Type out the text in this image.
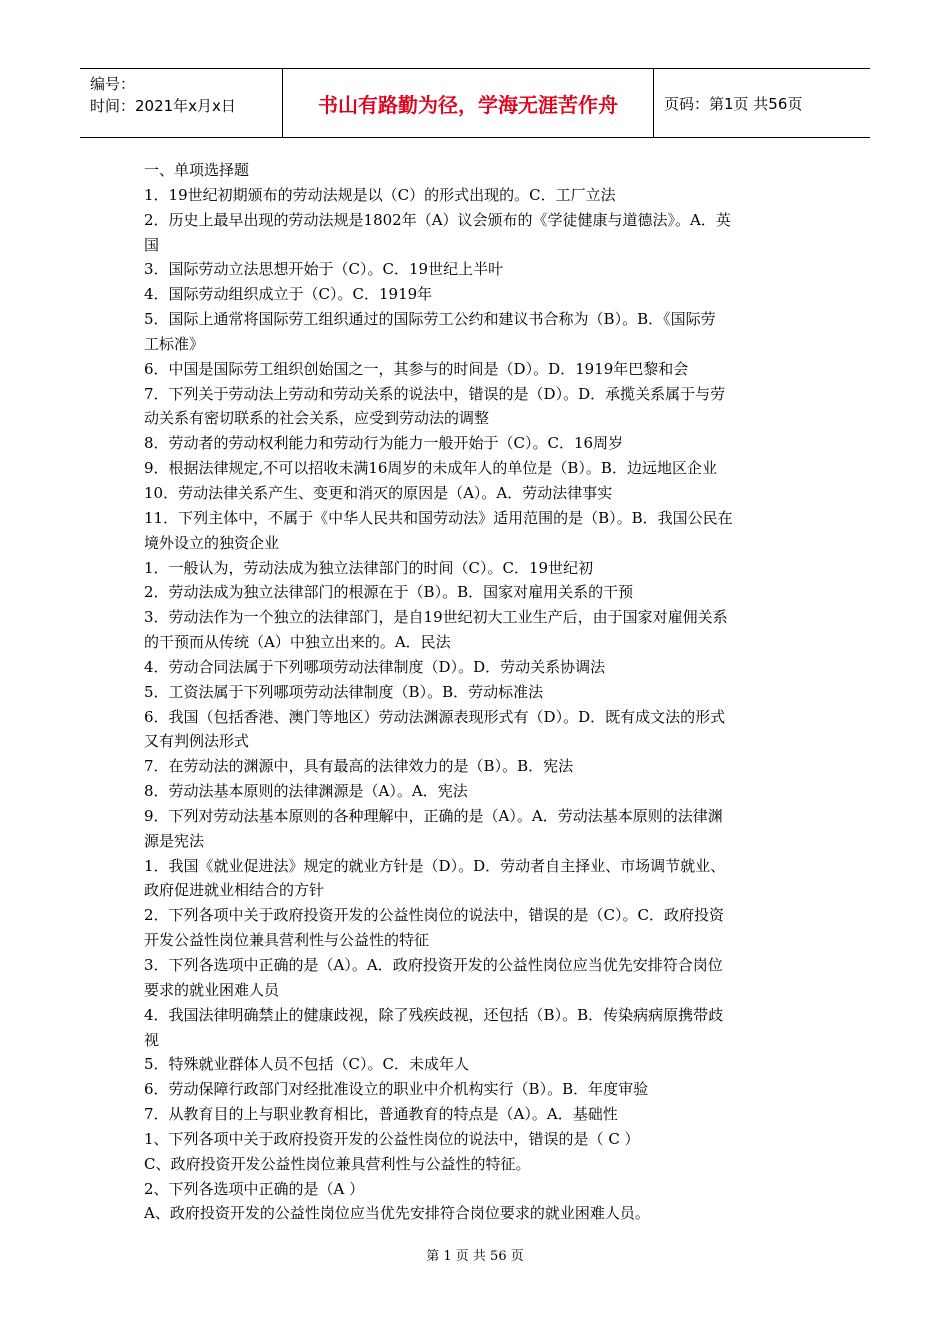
编号：
时间：2021年x月x日	书山有路勤为径，学海无涯苦作舟	页码：第1页 共56页
一、单项选择题
1．19世纪初期颁布的劳动法规是以（C）的形式出现的。C．工厂立法
2．历史上最早出现的劳动法规是1802年（A）议会颁布的《学徒健康与道德法》。A．英
国
3．国际劳动立法思想开始于（C）。C．19世纪上半叶
4．国际劳动组织成立于（C）。C．1919年
5．国际上通常将国际劳工组织通过的国际劳工公约和建议书合称为（B）。B．《国际劳
工标准》
6．中国是国际劳工组织创始国之一，其参与的时间是（D）。D．1919年巴黎和会
7．下列关于劳动法上劳动和劳动关系的说法中，错误的是（D）。D．承揽关系属于与劳
动关系有密切联系的社会关系，应受到劳动法的调整
8．劳动者的劳动权利能力和劳动行为能力一般开始于（C）。C．16周岁
9．根据法律规定,不可以招收未满16周岁的未成年人的单位是（B）。B．边远地区企业
10．劳动法律关系产生、变更和消灭的原因是（A）。A．劳动法律事实
11．下列主体中，不属于《中华人民共和国劳动法》适用范围的是（B）。B．我国公民在
境外设立的独资企业
1．一般认为，劳动法成为独立法律部门的时间（C）。C．19世纪初
2．劳动法成为独立法律部门的根源在于（B）。B．国家对雇用关系的干预
3．劳动法作为一个独立的法律部门，是自19世纪初大工业生产后，由于国家对雇佣关系
的干预而从传统（A）中独立出来的。A．民法
4．劳动合同法属于下列哪项劳动法律制度（D）。D．劳动关系协调法
5．工资法属于下列哪项劳动法律制度（B）。B．劳动标准法
6．我国（包括香港、澳门等地区）劳动法渊源表现形式有（D）。D．既有成文法的形式
又有判例法形式
7．在劳动法的渊源中，具有最高的法律效力的是（B）。B．宪法
8．劳动法基本原则的法律渊源是（A）。A．宪法
9．下列对劳动法基本原则的各种理解中，正确的是（A）。A．劳动法基本原则的法律渊
源是宪法
1．我国《就业促进法》规定的就业方针是（D）。D．劳动者自主择业、市场调节就业、
政府促进就业相结合的方针
2．下列各项中关于政府投资开发的公益性岗位的说法中，错误的是（C）。C．政府投资
开发公益性岗位兼具营利性与公益性的特征
3．下列各选项中正确的是（A）。A．政府投资开发的公益性岗位应当优先安排符合岗位
要求的就业困难人员
4．我国法律明确禁止的健康歧视，除了残疾歧视，还包括（B）。B．传染病病原携带歧
视
5．特殊就业群体人员不包括（C）。C．未成年人
6．劳动保障行政部门对经批准设立的职业中介机构实行（B）。B．年度审验
7．从教育目的上与职业教育相比，普通教育的特点是（A）。A．基础性
1、下列各项中关于政府投资开发的公益性岗位的说法中，错误的是（ C ）
C、政府投资开发公益性岗位兼具营利性与公益性的特征。
2、下列各选项中正确的是（A ）
A、政府投资开发的公益性岗位应当优先安排符合岗位要求的就业困难人员。
第 1 页 共 56 页
